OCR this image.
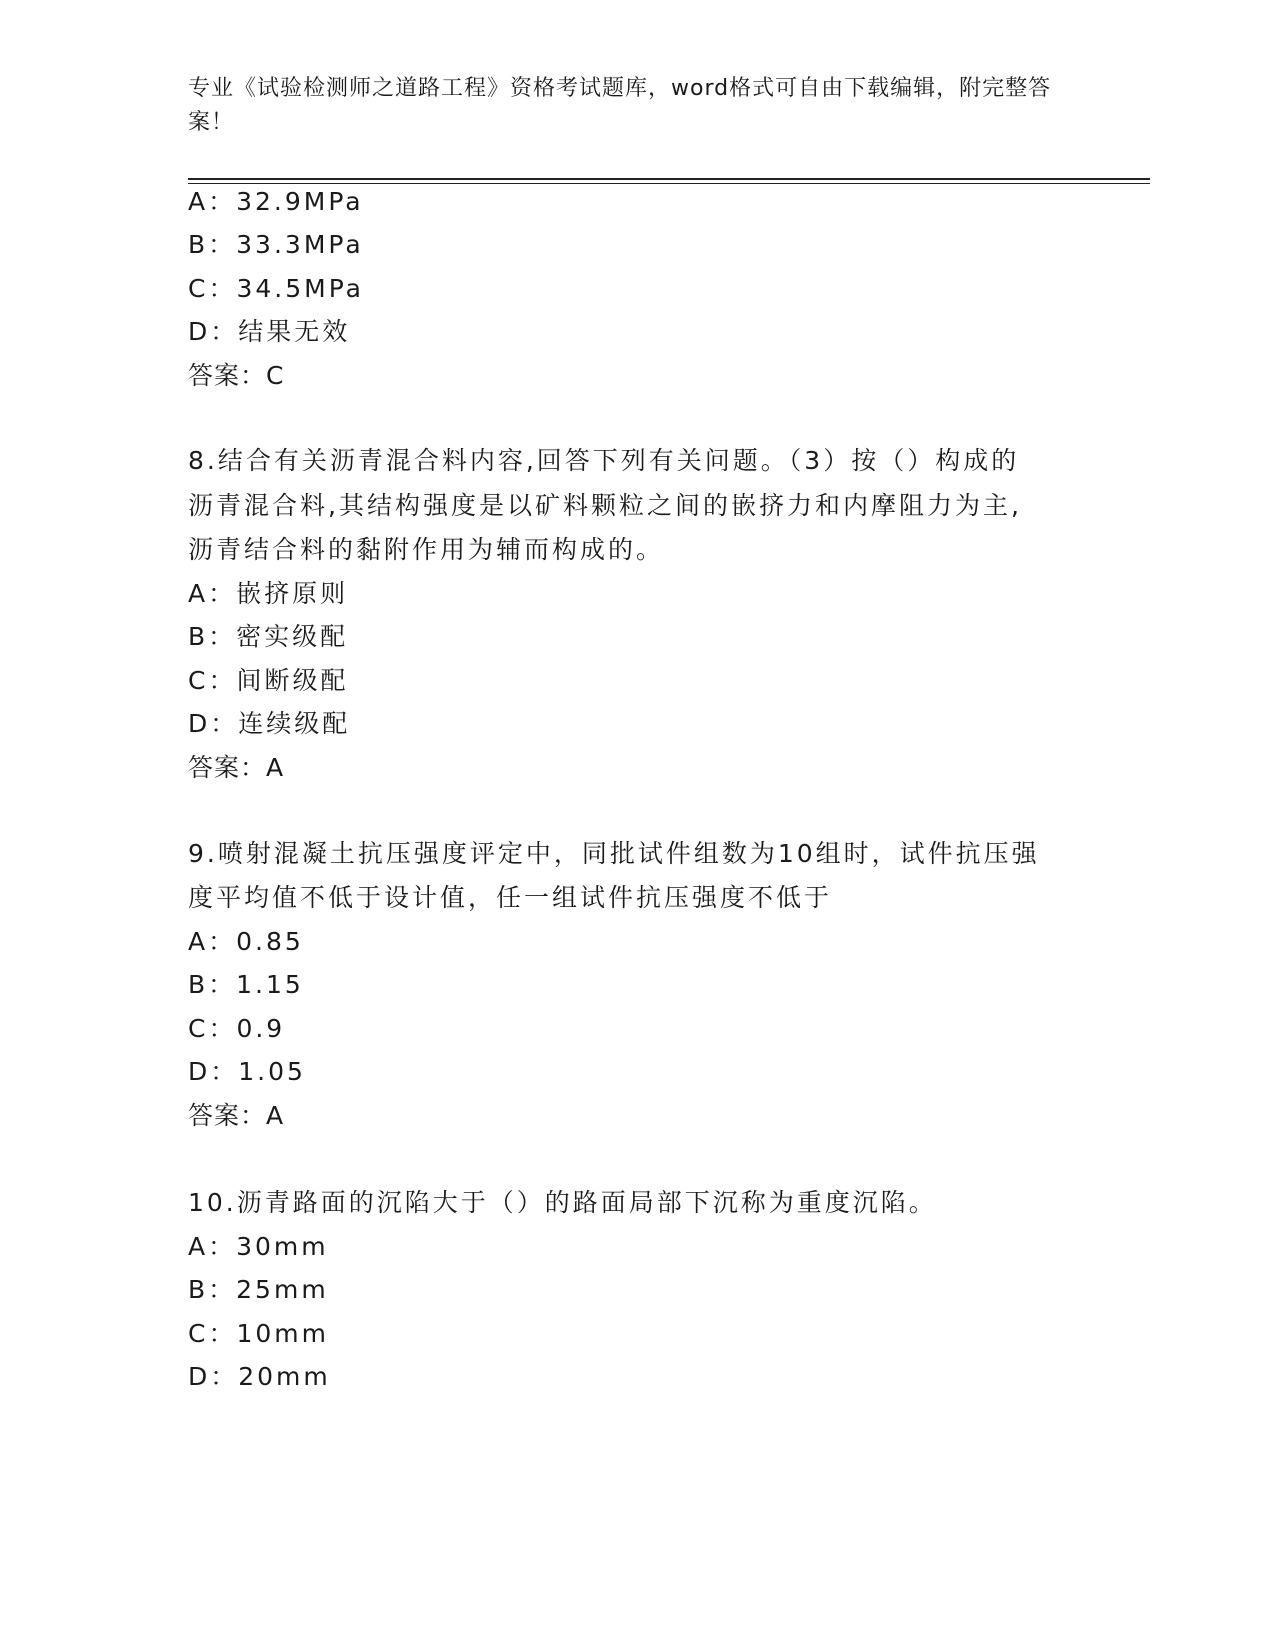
专业《试验检测师之道路工程》资格考试题库，word格式可自由下载编辑，附完整答案！
A：32.9MPa
B：33.3MPa
C：34.5MPa
D：结果无效
答案：C
8.结合有关沥青混合料内容,回答下列有关问题。（3）按（）构成的
沥青混合料,其结构强度是以矿料颗粒之间的嵌挤力和内摩阻力为主,
沥青结合料的黏附作用为辅而构成的。
A：嵌挤原则
B：密实级配
C：间断级配
D：连续级配
答案：A
9.喷射混凝土抗压强度评定中，同批试件组数为10组时，试件抗压强
度平均值不低于设计值，任一组试件抗压强度不低于
A：0.85
B：1.15
C：0.9
D：1.05
答案：A
10.沥青路面的沉陷大于（）的路面局部下沉称为重度沉陷。
A：30mm
B：25mm
C：10mm
D：20mm
